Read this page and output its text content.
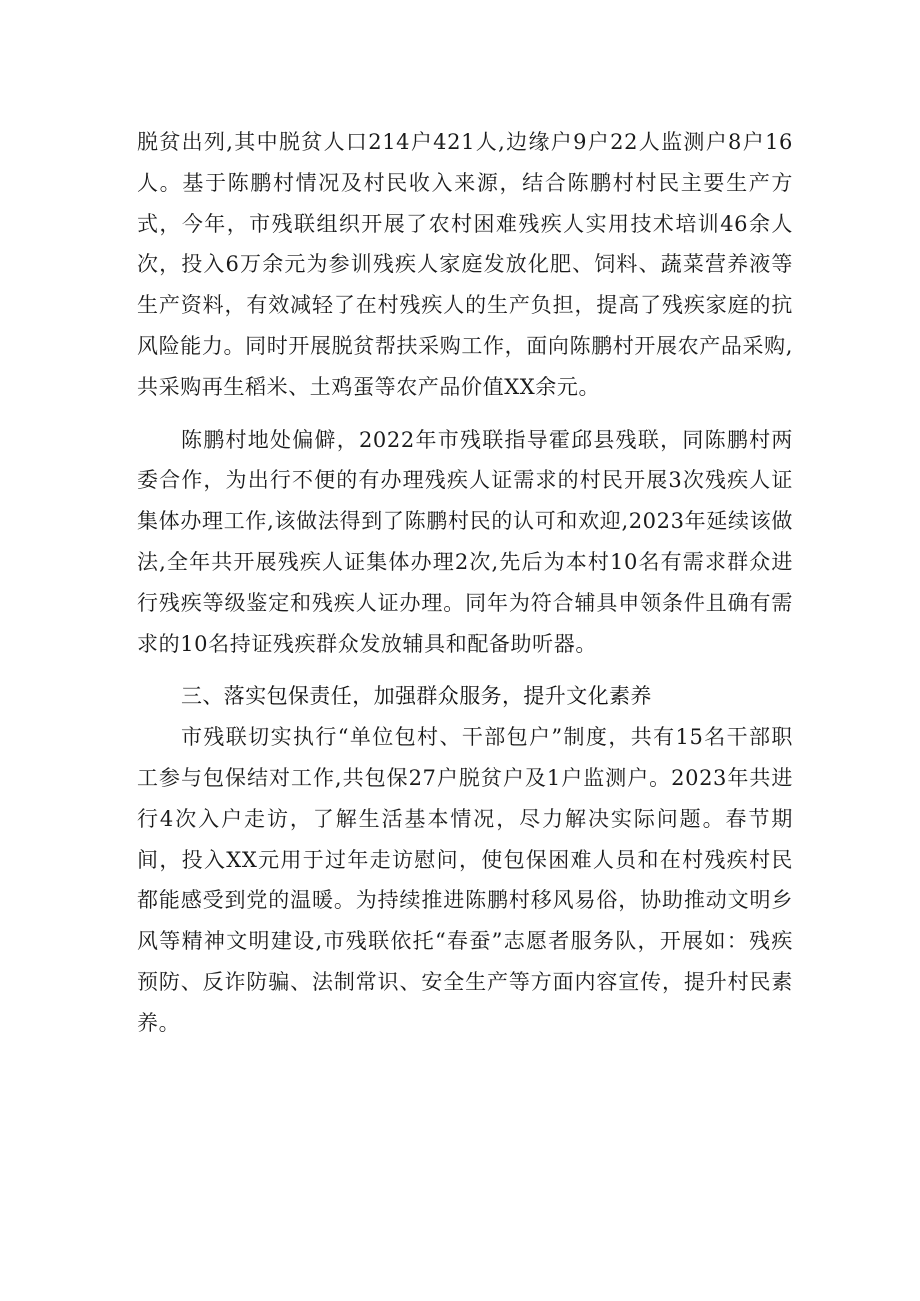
脱贫出列,其中脱贫人口214户421人,边缘户9户22人监测户8户16人。基于陈鹏村情况及村民收入来源，结合陈鹏村村民主要生产方式，今年，市残联组织开展了农村困难残疾人实用技术培训46余人次，投入6万余元为参训残疾人家庭发放化肥、饲料、蔬菜营养液等生产资料，有效减轻了在村残疾人的生产负担，提高了残疾家庭的抗风险能力。同时开展脱贫帮扶采购工作，面向陈鹏村开展农产品采购,共采购再生稻米、土鸡蛋等农产品价值XX余元。

陈鹏村地处偏僻，2022年市残联指导霍邱县残联，同陈鹏村两委合作，为出行不便的有办理残疾人证需求的村民开展3次残疾人证集体办理工作,该做法得到了陈鹏村民的认可和欢迎,2023年延续该做法,全年共开展残疾人证集体办理2次,先后为本村10名有需求群众进行残疾等级鉴定和残疾人证办理。同年为符合辅具申领条件且确有需求的10名持证残疾群众发放辅具和配备助听器。

三、落实包保责任，加强群众服务，提升文化素养

市残联切实执行“单位包村、干部包户”制度，共有15名干部职工参与包保结对工作,共包保27户脱贫户及1户监测户。2023年共进行4次入户走访，了解生活基本情况，尽力解决实际问题。春节期间，投入XX元用于过年走访慰问，使包保困难人员和在村残疾村民都能感受到党的温暖。为持续推进陈鹏村移风易俗，协助推动文明乡风等精神文明建设,市残联依托“春蚕”志愿者服务队，开展如：残疾预防、反诈防骗、法制常识、安全生产等方面内容宣传，提升村民素养。
